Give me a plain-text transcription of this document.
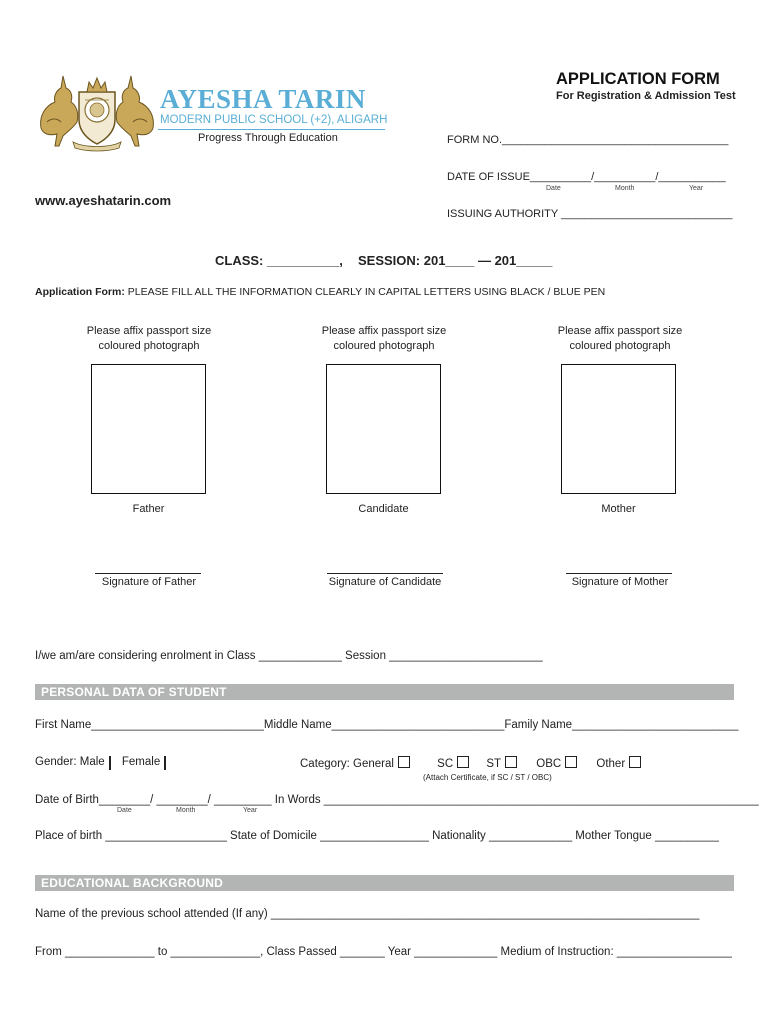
AYESHA TARIN
MODERN PUBLIC SCHOOL (+2), ALIGARH
Progress Through Education
www.ayeshatarin.com
APPLICATION FORM
For Registration & Admission Test
FORM NO._____________________________________
DATE OF ISSUE__________/__________/___________
Date	Month	Year
ISSUING AUTHORITY ____________________________
CLASS: __________, SESSION: 201____ — 201_____
Application Form: PLEASE FILL ALL THE INFORMATION CLEARLY IN CAPITAL LETTERS USING BLACK / BLUE PEN
Please affix passport size
coloured photograph
Father
Signature of Father
Please affix passport size
coloured photograph
Candidate
Signature of Candidate
Please affix passport size
coloured photograph
Mother
Signature of Mother
I/we am/are considering enrolment in Class _____________ Session ________________________
PERSONAL DATA OF STUDENT
First Name___________________________Middle Name___________________________Family Name__________________________
Gender: Male Female	Category: General	SC	ST	OBC	Other
(Attach Certificate, if SC / ST / OBC)
Date of Birth________/ ________/ _________ In Words ____________________________________________________________________
Date	Month	Year
Place of birth ___________________ State of Domicile _________________ Nationality _____________ Mother Tongue __________
EDUCATIONAL BACKGROUND
Name of the previous school attended (If any) ___________________________________________________________________
From ______________ to ______________, Class Passed _______ Year _____________ Medium of Instruction: __________________
